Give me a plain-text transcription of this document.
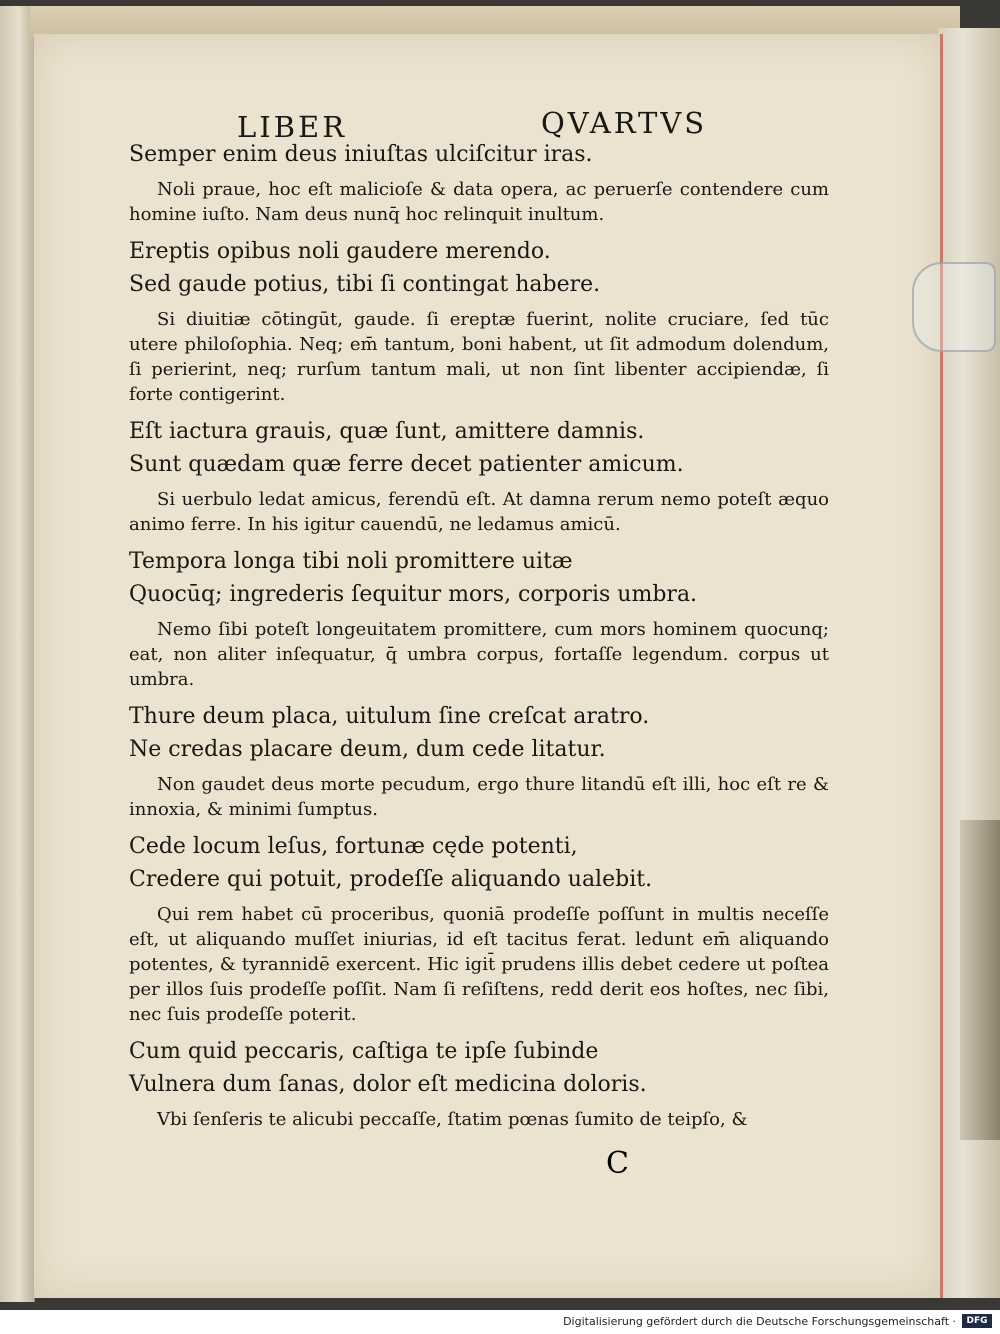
LIBER	QVARTVS
Semper enim deus iniuſtas ulciſcitur iras.

Noli praue, hoc eſt malicioſe & data opera, ac peruerſe contendere cum homine iuſto. Nam deus nunq̄ hoc relinquit inultum.

Ereptis opibus noli gaudere merendo.
Sed gaude potius, tibi ſi contingat habere.

Si diuitiæ cōtingūt, gaude. ſi ereptæ fuerint, nolite cruciare, ſed tūc utere philoſophia. Neq; em̄ tantum, boni habent, ut ſit admodum dolendum, ſi perierint, neq; rurſum tantum mali, ut non ſint libenter accipiendæ, ſi forte contigerint.

Eſt iactura grauis, quæ ſunt, amittere damnis.
Sunt quædam quæ ferre decet patienter amicum.

Si uerbulo ledat amicus, ferendū eſt. At damna rerum nemo poteſt æquo animo ferre. In his igitur cauendū, ne ledamus amicū.

Tempora longa tibi noli promittere uitæ
Quocūq; ingrederis ſequitur mors, corporis umbra.

Nemo ſibi poteſt longeuitatem promittere, cum mors hominem quocunq; eat, non aliter inſequatur, q̄ umbra corpus, fortaſſe legendum. corpus ut umbra.

Thure deum placa, uitulum ſine creſcat aratro.
Ne credas placare deum, dum cede litatur.

Non gaudet deus morte pecudum, ergo thure litandū eſt illi, hoc eſt re & innoxia, & minimi ſumptus.

Cede locum leſus, fortunæ cęde potenti,
Credere qui potuit, prodeſſe aliquando ualebit.

Qui rem habet cū proceribus, quoniā prodeſſe poſſunt in multis neceſſe eſt, ut aliquando muſſet iniurias, id eſt tacitus ferat. ledunt em̄ aliquando potentes, & tyrannidē exercent. Hic igit̄ prudens illis debet cedere ut poſtea per illos ſuis prodeſſe poſſit. Nam ſi reſiſtens, redd derit eos hoſtes, nec ſibi, nec ſuis prodeſſe poterit.

Cum quid peccaris, caſtiga te ipſe ſubinde
Vulnera dum ſanas, dolor eſt medicina doloris.

Vbi ſenſeris te alicubi peccaſſe, ſtatim pœnas ſumito de teipſo, &

C
Digitalisierung gefördert durch die Deutsche Forschungsgemeinschaft ·	DFG
